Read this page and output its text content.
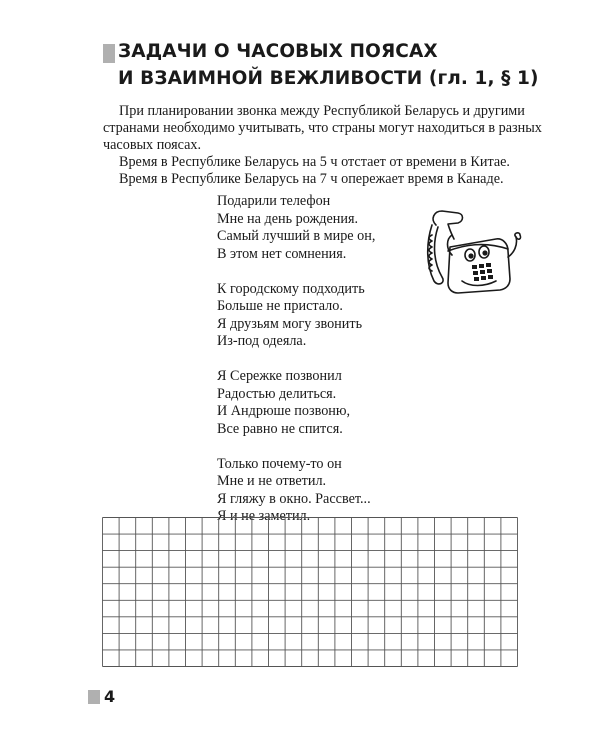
ЗАДАЧИ О ЧАСОВЫХ ПОЯСАХ
И ВЗАИМНОЙ ВЕЖЛИВОСТИ (гл. 1, § 1)

При планировании звонка между Республикой Беларусь и другими странами необходимо учитывать, что страны могут находиться в разных часовых поясах.

Время в Республике Беларусь на 5 ч отстает от времени в Китае.

Время в Республике Беларусь на 7 ч опережает время в Канаде.

Подарили телефон
Мне на день рождения.
Самый лучший в мире он,
В этом нет сомнения.
К городскому подходить
Больше не пристало.
Я друзьям могу звонить
Из-под одеяла.
Я Сережке позвонил
Радостью делиться.
И Андрюше позвоню,
Все равно не спится.
Только почему-то он
Мне и не ответил.
Я гляжу в окно. Рассвет...
Я и не заметил.
4
